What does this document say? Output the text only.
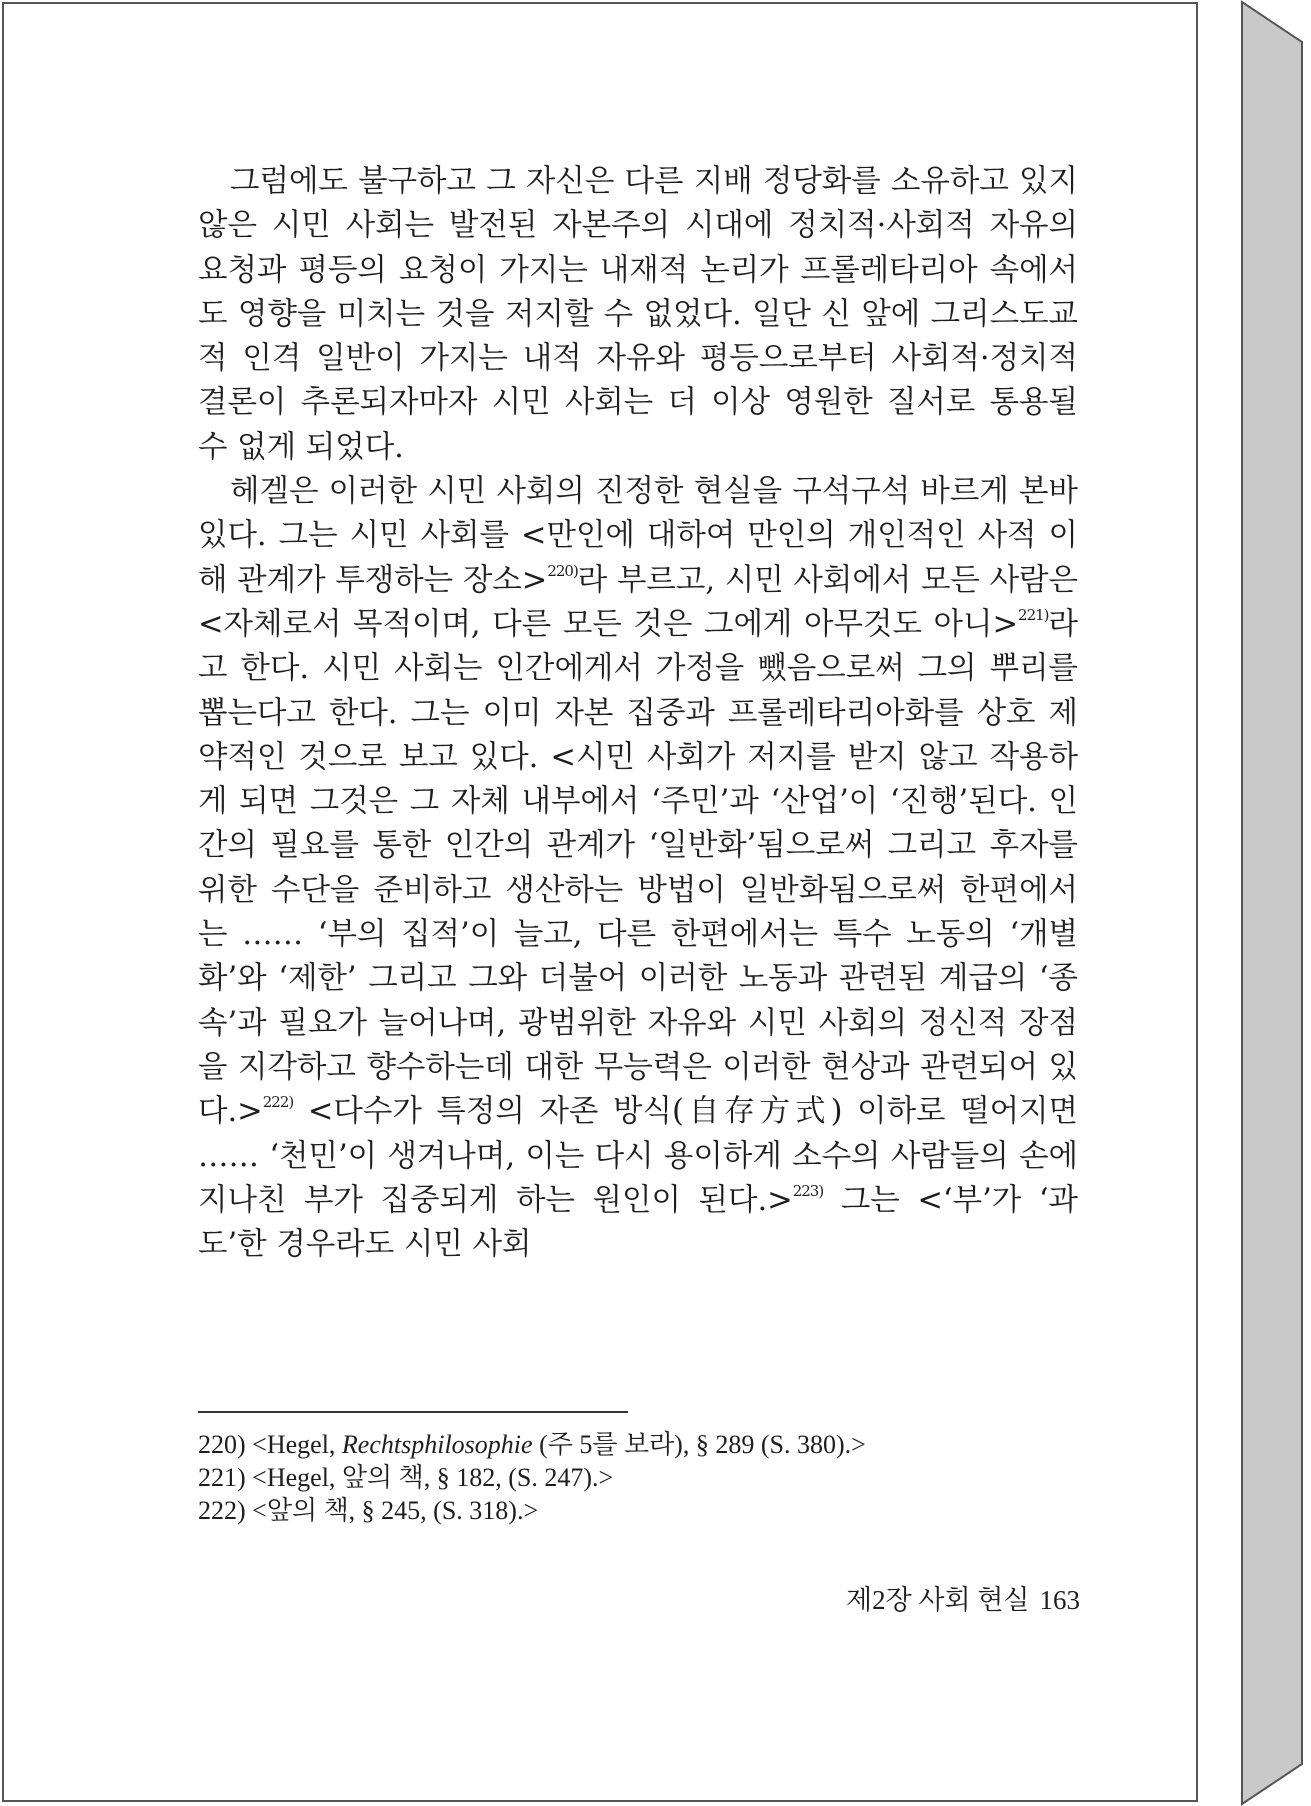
그럼에도 불구하고 그 자신은 다른 지배 정당화를 소유하고 있지 않은 시민 사회는 발전된 자본주의 시대에 정치적·사회적 자유의 요청과 평등의 요청이 가지는 내재적 논리가 프롤레타리아 속에서도 영향을 미치는 것을 저지할 수 없었다. 일단 신 앞에 그리스도교적 인격 일반이 가지는 내적 자유와 평등으로부터 사회적·정치적 결론이 추론되자마자 시민 사회는 더 이상 영원한 질서로 통용될 수 없게 되었다.

헤겔은 이러한 시민 사회의 진정한 현실을 구석구석 바르게 본바 있다. 그는 시민 사회를 <만인에 대하여 만인의 개인적인 사적 이해 관계가 투쟁하는 장소>$^{220)}$라 부르고, 시민 사회에서 모든 사람은 <자체로서 목적이며, 다른 모든 것은 그에게 아무것도 아니>$^{221)}$라고 한다. 시민 사회는 인간에게서 가정을 뺐음으로써 그의 뿌리를 뽑는다고 한다. 그는 이미 자본 집중과 프롤레타리아화를 상호 제약적인 것으로 보고 있다. <시민 사회가 저지를 받지 않고 작용하게 되면 그것은 그 자체 내부에서 ‘주민’과 ‘산업’이 ‘진행’된다. 인간의 필요를 통한 인간의 관계가 ‘일반화’됨으로써 그리고 후자를 위한 수단을 준비하고 생산하는 방법이 일반화됨으로써 한편에서는 …… ‘부의 집적’이 늘고, 다른 한편에서는 특수 노동의 ‘개별화’와 ‘제한’ 그리고 그와 더불어 이러한 노동과 관련된 계급의 ‘종속’과 필요가 늘어나며, 광범위한 자유와 시민 사회의 정신적 장점을 지각하고 향수하는데 대한 무능력은 이러한 현상과 관련되어 있다.>$^{222)}$ <다수가 특정의 자존 방식(自存方式) 이하로 떨어지면 …… ‘천민’이 생겨나며, 이는 다시 용이하게 소수의 사람들의 손에 지나친 부가 집중되게 하는 원인이 된다.>$^{223)}$ 그는 <‘부’가 ‘과도’한 경우라도 시민 사회

220) <Hegel, Rechtsphilosophie (주 5를 보라), § 289 (S. 380).>

221) <Hegel, 앞의 책, § 182, (S. 247).>

222) <앞의 책, § 245, (S. 318).>

제2장 사회 현실 163
